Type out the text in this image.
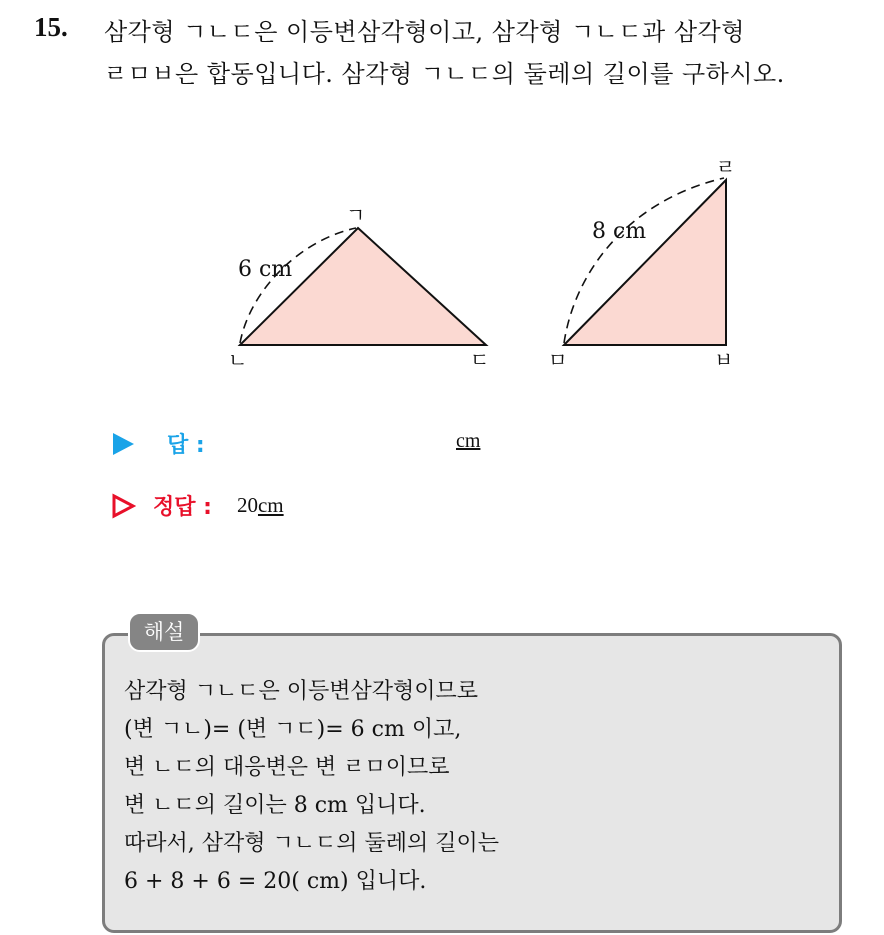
15. 삼각형 ㄱㄴㄷ은 이등변삼각형이고, 삼각형 ㄱㄴㄷ과 삼각형
ㄹㅁㅂ은 합동입니다. 삼각형 ㄱㄴㄷ의 둘레의 길이를 구하시오.
6 cm
ㄱ
ㄴ	ㄷ
8 cm
ㄹ
ㅁ	ㅂ
답 :	cm
정답 : 20cm
해설
삼각형 ㄱㄴㄷ은 이등변삼각형이므로
(변 ㄱㄴ)= (변 ㄱㄷ)= 6 cm 이고,
변 ㄴㄷ의 대응변은 변 ㄹㅁ이므로
변 ㄴㄷ의 길이는 8 cm 입니다.
따라서, 삼각형 ㄱㄴㄷ의 둘레의 길이는
6 + 8 + 6 = 20( cm) 입니다.
